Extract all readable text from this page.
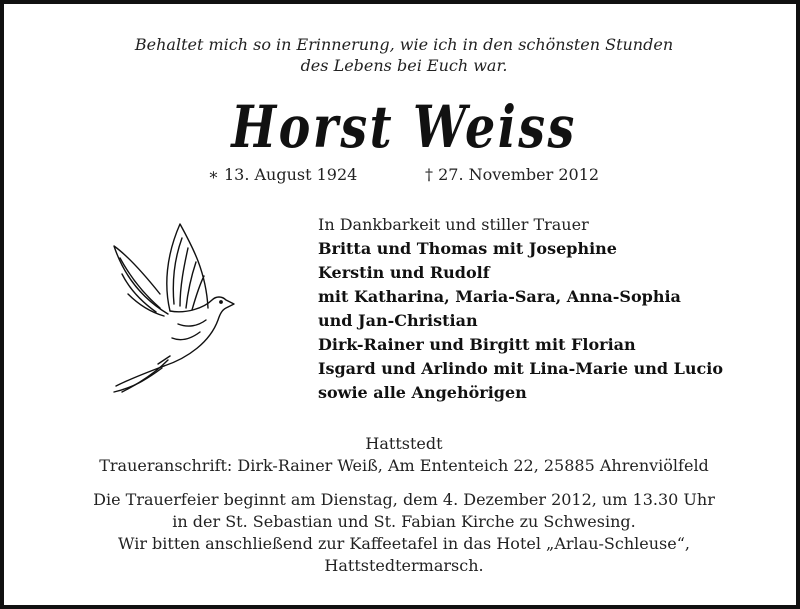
Behaltet mich so in Erinnerung, wie ich in den schönsten Stunden
des Lebens bei Euch war.
Horst Weiss
∗ 13. August 1924	† 27. November 2012
In Dankbarkeit und stiller Trauer
Britta und Thomas mit Josephine
Kerstin und Rudolf
mit Katharina, Maria-Sara, Anna-Sophia
und Jan-Christian
Dirk-Rainer und Birgitt mit Florian
Isgard und Arlindo mit Lina-Marie und Lucio
sowie alle Angehörigen
Hattstedt
Traueranschrift: Dirk-Rainer Weiß, Am Ententeich 22, 25885 Ahrenviölfeld
Die Trauerfeier beginnt am Dienstag, dem 4. Dezember 2012, um 13.30 Uhr
in der St. Sebastian und St. Fabian Kirche zu Schwesing.
Wir bitten anschließend zur Kaffeetafel in das Hotel „Arlau-Schleuse“,
Hattstedtermarsch.
